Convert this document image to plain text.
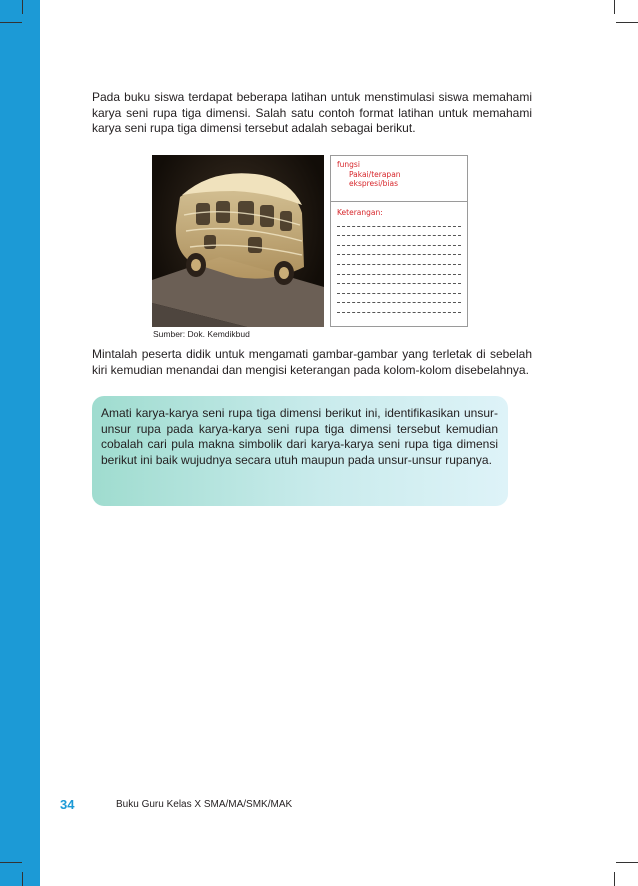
Pada buku siswa terdapat beberapa latihan untuk menstimulasi siswa memahami karya seni rupa tiga dimensi. Salah satu contoh format latihan untuk memahami karya seni rupa tiga dimensi tersebut adalah sebagai berikut.

Sumber: Dok. Kemdikbud
fungsi
Pakai/terapan
ekspresi/bias
Keterangan:

Mintalah peserta didik untuk mengamati gambar-gambar yang terletak di sebelah kiri kemudian menandai dan mengisi keterangan pada kolom-kolom disebelahnya.

Amati karya-karya seni rupa tiga dimensi berikut ini, identifikasikan unsur-unsur rupa pada karya-karya seni rupa tiga dimensi tersebut kemudian cobalah cari pula makna simbolik dari karya-karya seni rupa tiga dimensi berikut ini baik wujudnya secara utuh maupun pada unsur-unsur rupanya.

34	Buku Guru Kelas X SMA/MA/SMK/MAK
